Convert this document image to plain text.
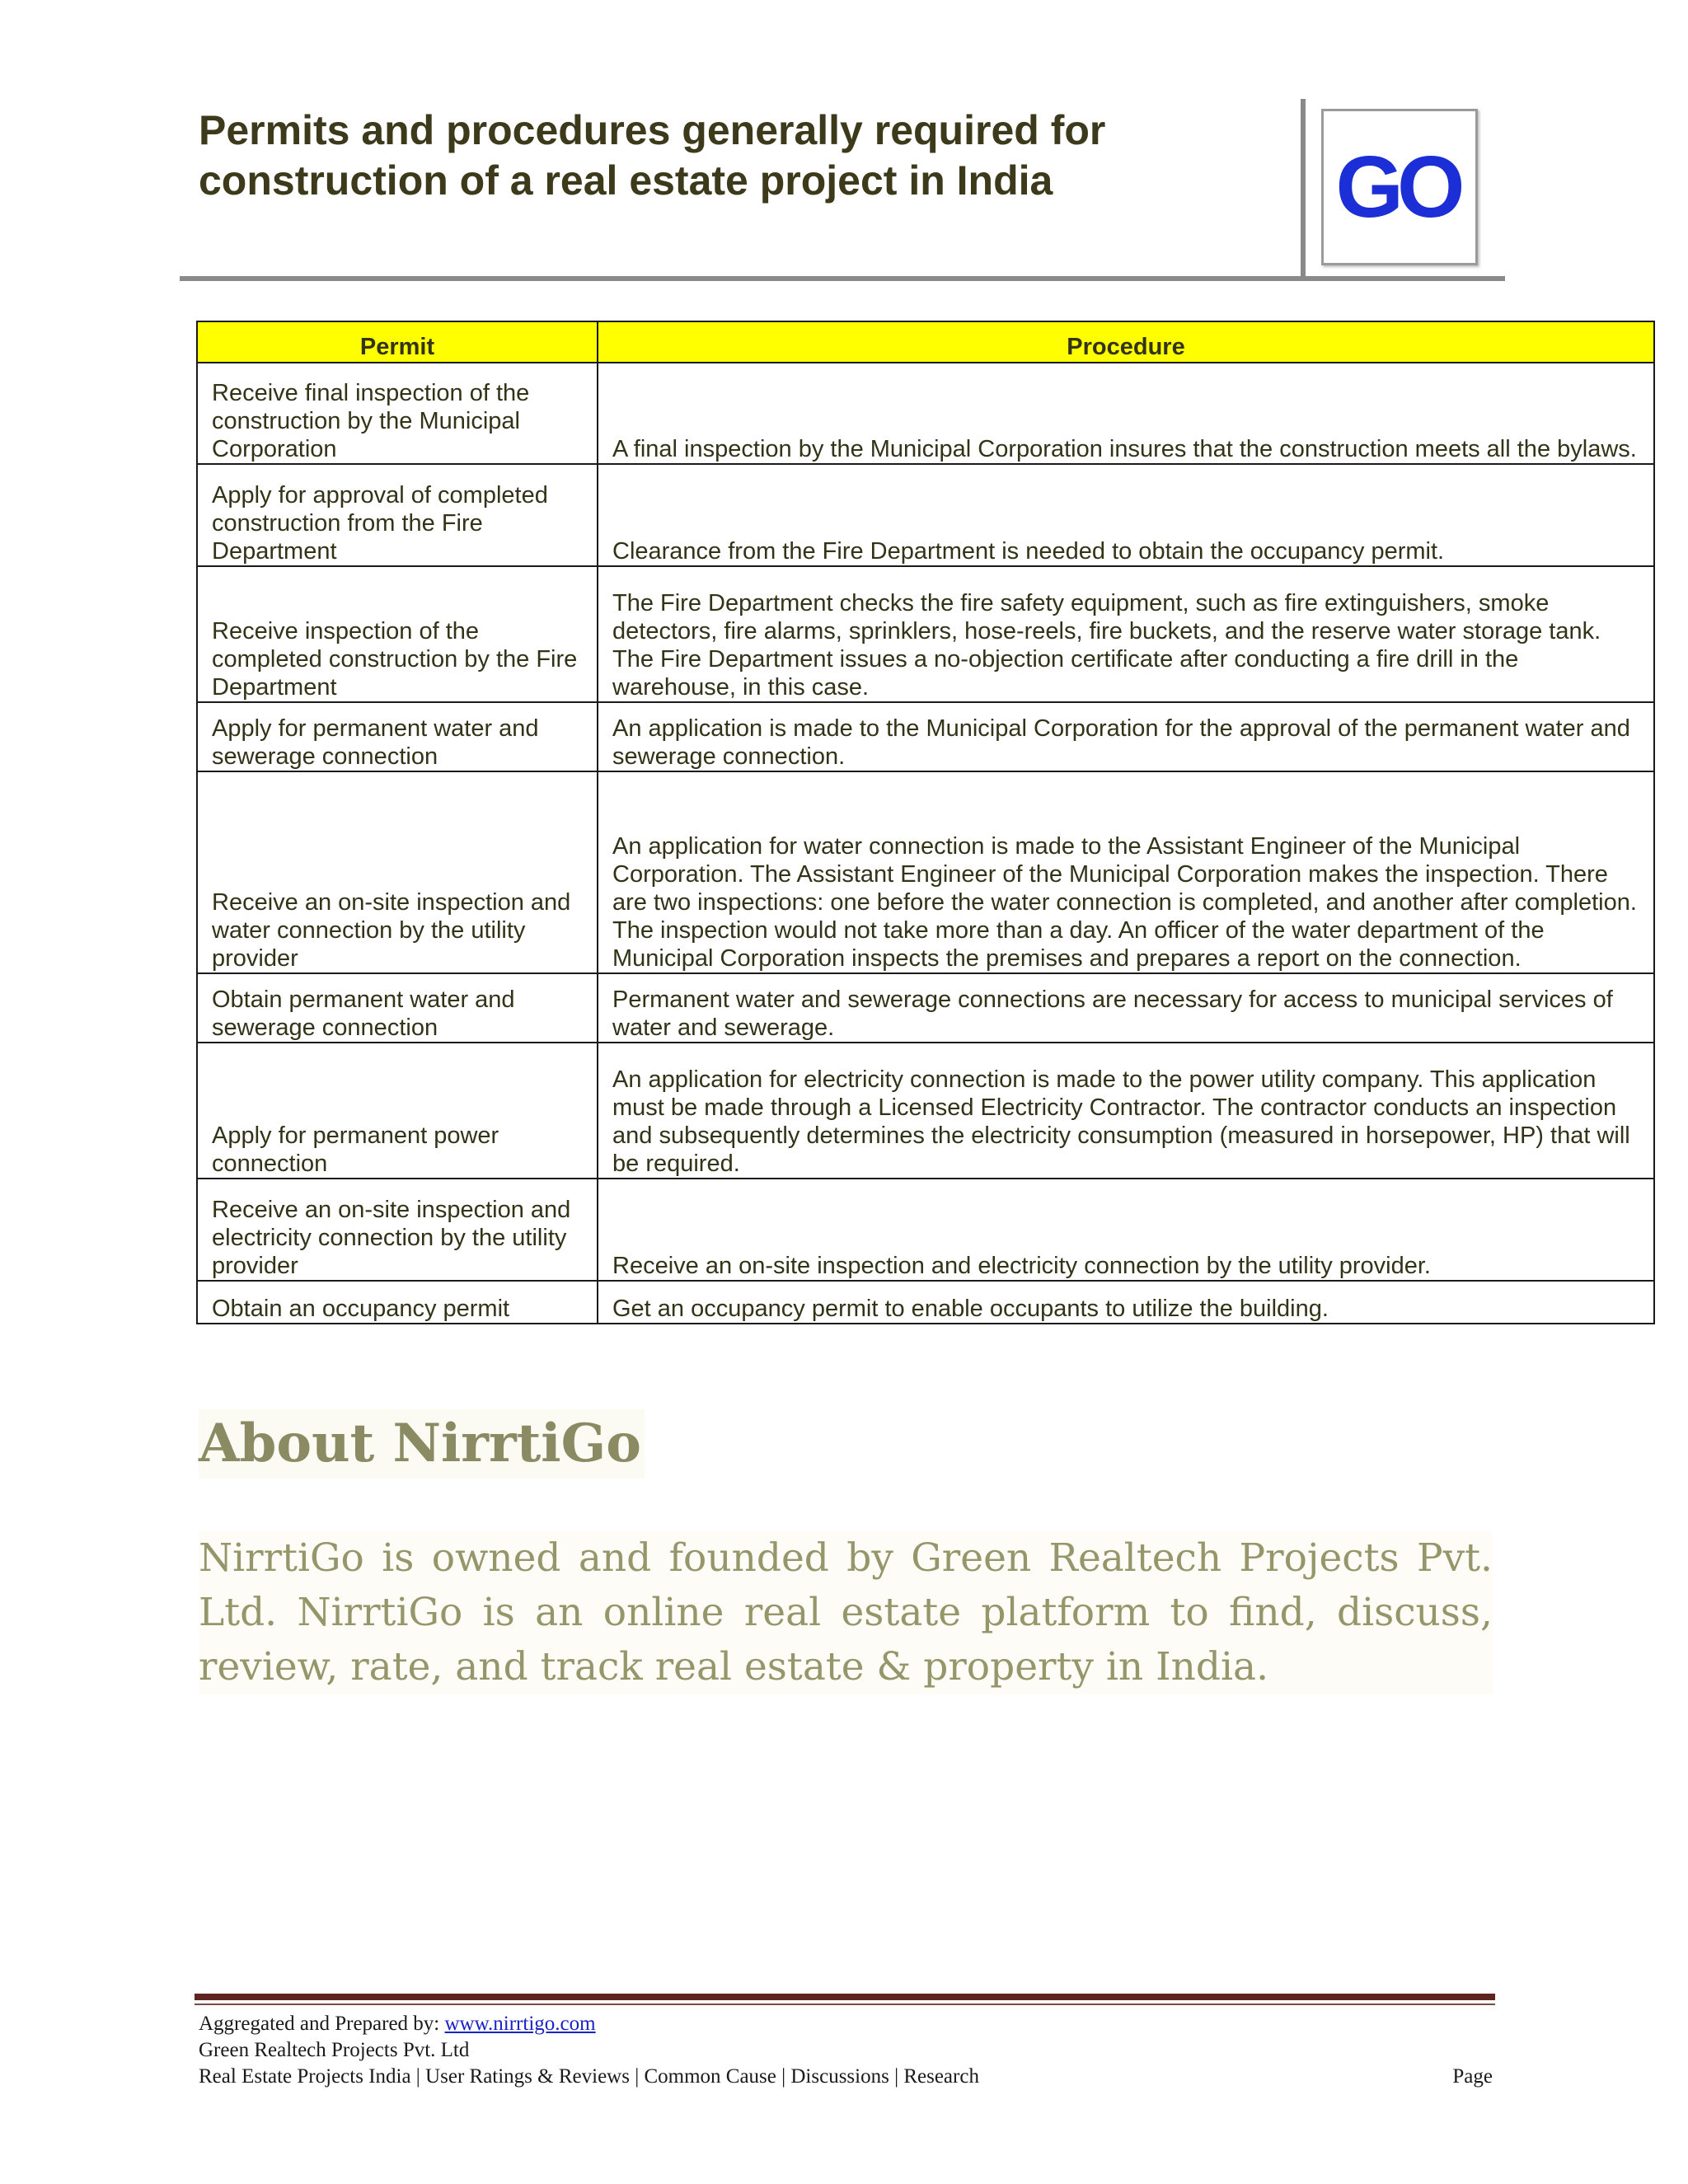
Permits and procedures generally required for
construction of a real estate project in India	GO
Permit	Procedure
Receive final inspection of the construction by the Municipal Corporation	A final inspection by the Municipal Corporation insures that the construction meets all the bylaws.
Apply for approval of completed construction from the Fire Department	Clearance from the Fire Department is needed to obtain the occupancy permit.
Receive inspection of the completed construction by the Fire Department	The Fire Department checks the fire safety equipment, such as fire extinguishers, smoke detectors, fire alarms, sprinklers, hose-reels, fire buckets, and the reserve water storage tank. The Fire Department issues a no-objection certificate after conducting a fire drill in the warehouse, in this case.
Apply for permanent water and sewerage connection	An application is made to the Municipal Corporation for the approval of the permanent water and sewerage connection.
Receive an on-site inspection and water connection by the utility provider	An application for water connection is made to the Assistant Engineer of the Municipal Corporation. The Assistant Engineer of the Municipal Corporation makes the inspection. There are two inspections: one before the water connection is completed, and another after completion. The inspection would not take more than a day. An officer of the water department of the Municipal Corporation inspects the premises and prepares a report on the connection.
Obtain permanent water and sewerage connection	Permanent water and sewerage connections are necessary for access to municipal services of water and sewerage.
Apply for permanent power connection	An application for electricity connection is made to the power utility company. This application must be made through a Licensed Electricity Contractor. The contractor conducts an inspection and subsequently determines the electricity consumption (measured in horsepower, HP) that will be required.
Receive an on-site inspection and electricity connection by the utility provider	Receive an on-site inspection and electricity connection by the utility provider.
Obtain an occupancy permit	Get an occupancy permit to enable occupants to utilize the building.
About NirrtiGo

NirrtiGo is owned and founded by Green Realtech Projects Pvt. Ltd. NirrtiGo is an online real estate platform to find, discuss, review, rate, and track real estate & property in India.

Aggregated and Prepared by: www.nirrtigo.com
Green Realtech Projects Pvt. Ltd
Real Estate Projects India | User Ratings & Reviews | Common Cause | Discussions | Research	Page
